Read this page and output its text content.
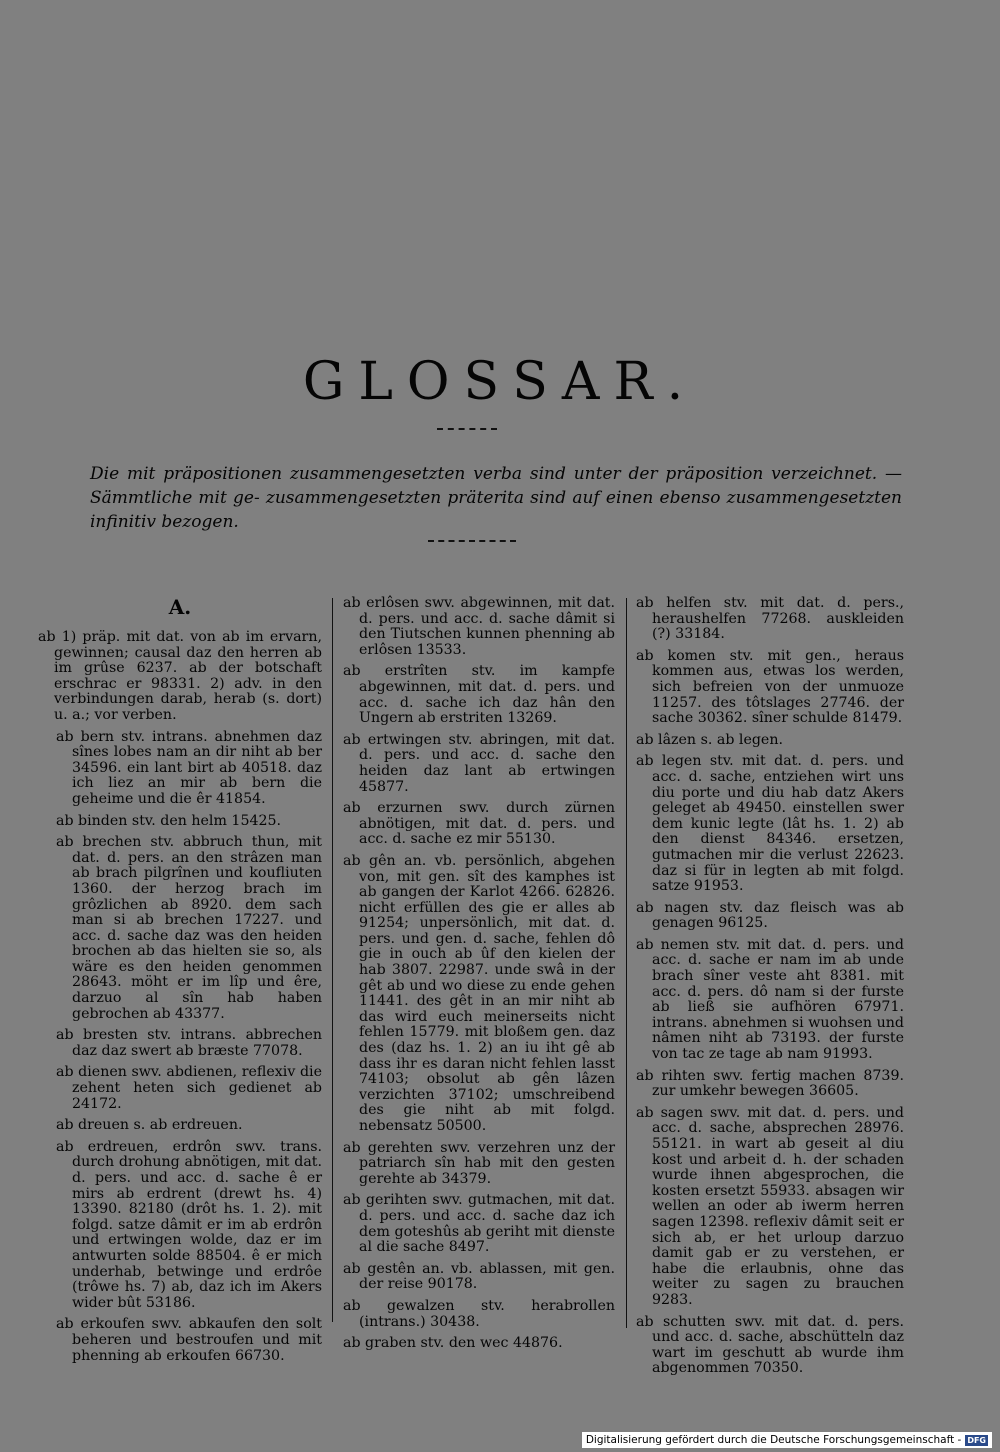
GLOSSAR.

Die mit präpositionen zusammengesetzten verba sind unter der präposition verzeichnet. — Sämmtliche mit ge- zusammengesetzten präterita sind auf einen ebenso zusammengesetzten infinitiv bezogen.

A.

ab 1) präp. mit dat. von ab im ervarn, gewinnen; causal daz den herren ab im grûse 6237. ab der botschaft erschrac er 98331. 2) adv. in den verbindungen darab, herab (s. dort) u. a.; vor verben.

ab bern stv. intrans. abnehmen daz sînes lobes nam an dir niht ab ber 34596. ein lant birt ab 40518. daz ich liez an mir ab bern die geheime und die êr 41854.

ab binden stv. den helm 15425.

ab brechen stv. abbruch thun, mit dat. d. pers. an den strâzen man ab brach pilgrînen und koufliuten 1360. der herzog brach im grôzlichen ab 8920. dem sach man si ab brechen 17227. und acc. d. sache daz was den heiden brochen ab das hielten sie so, als wäre es den heiden genommen 28643. möht er im lîp und êre, darzuo al sîn hab haben gebrochen ab 43377.

ab bresten stv. intrans. abbrechen daz daz swert ab bræste 77078.

ab dienen swv. abdienen, reflexiv die zehent heten sich gedienet ab 24172.

ab dreuen s. ab erdreuen.

ab erdreuen, erdrôn swv. trans. durch drohung abnötigen, mit dat. d. pers. und acc. d. sache ê er mirs ab erdrent (drewt hs. 4) 13390. 82180 (drôt hs. 1. 2). mit folgd. satze dâmit er im ab erdrôn und ertwingen wolde, daz er im antwurten solde 88504. ê er mich underhab, betwinge und erdrôe (trôwe hs. 7) ab, daz ich im Akers wider bût 53186.

ab erkoufen swv. abkaufen den solt beheren und bestroufen und mit phenning ab erkoufen 66730.

ab erlôsen swv. abgewinnen, mit dat. d. pers. und acc. d. sache dâmit si den Tiutschen kunnen phenning ab erlôsen 13533.

ab erstrîten stv. im kampfe abgewinnen, mit dat. d. pers. und acc. d. sache ich daz hân den Ungern ab erstriten 13269.

ab ertwingen stv. abringen, mit dat. d. pers. und acc. d. sache den heiden daz lant ab ertwingen 45877.

ab erzurnen swv. durch zürnen abnötigen, mit dat. d. pers. und acc. d. sache ez mir 55130.

ab gên an. vb. persönlich, abgehen von, mit gen. sît des kamphes ist ab gangen der Karlot 4266. 62826. nicht erfüllen des gie er alles ab 91254; unpersönlich, mit dat. d. pers. und gen. d. sache, fehlen dô gie in ouch ab ûf den kielen der hab 3807. 22987. unde swâ in der gêt ab und wo diese zu ende gehen 11441. des gêt in an mir niht ab das wird euch meinerseits nicht fehlen 15779. mit bloßem gen. daz des (daz hs. 1. 2) an iu iht gê ab dass ihr es daran nicht fehlen lasst 74103; obsolut ab gên lâzen verzichten 37102; umschreibend des gie niht ab mit folgd. nebensatz 50500.

ab gerehten swv. verzehren unz der patriarch sîn hab mit den gesten gerehte ab 34379.

ab gerihten swv. gutmachen, mit dat. d. pers. und acc. d. sache daz ich dem goteshûs ab geriht mit dienste al die sache 8497.

ab gestên an. vb. ablassen, mit gen. der reise 90178.

ab gewalzen stv. herabrollen (intrans.) 30438.

ab graben stv. den wec 44876.

ab helfen stv. mit dat. d. pers., heraushelfen 77268. auskleiden (?) 33184.

ab komen stv. mit gen., heraus kommen aus, etwas los werden, sich befreien von der unmuoze 11257. des tôtslages 27746. der sache 30362. sîner schulde 81479.

ab lâzen s. ab legen.

ab legen stv. mit dat. d. pers. und acc. d. sache, entziehen wirt uns diu porte und diu hab datz Akers geleget ab 49450. einstellen swer dem kunic legte (lât hs. 1. 2) ab den dienst 84346. ersetzen, gutmachen mir die verlust 22623. daz si für in legten ab mit folgd. satze 91953.

ab nagen stv. daz fleisch was ab genagen 96125.

ab nemen stv. mit dat. d. pers. und acc. d. sache er nam im ab unde brach sîner veste aht 8381. mit acc. d. pers. dô nam si der furste ab ließ sie aufhören 67971. intrans. abnehmen si wuohsen und nâmen niht ab 73193. der furste von tac ze tage ab nam 91993.

ab rihten swv. fertig machen 8739. zur umkehr bewegen 36605.

ab sagen swv. mit dat. d. pers. und acc. d. sache, absprechen 28976. 55121. in wart ab geseit al diu kost und arbeit d. h. der schaden wurde ihnen abgesprochen, die kosten ersetzt 55933. absagen wir wellen an oder ab iwerm herren sagen 12398. reflexiv dâmit seit er sich ab, er het urloup darzuo damit gab er zu verstehen, er habe die erlaubnis, ohne das weiter zu sagen zu brauchen 9283.

ab schutten swv. mit dat. d. pers. und acc. d. sache, abschütteln daz wart im geschutt ab wurde ihm abgenommen 70350.

Digitalisierung gefördert durch die Deutsche Forschungsgemeinschaft - DFG
